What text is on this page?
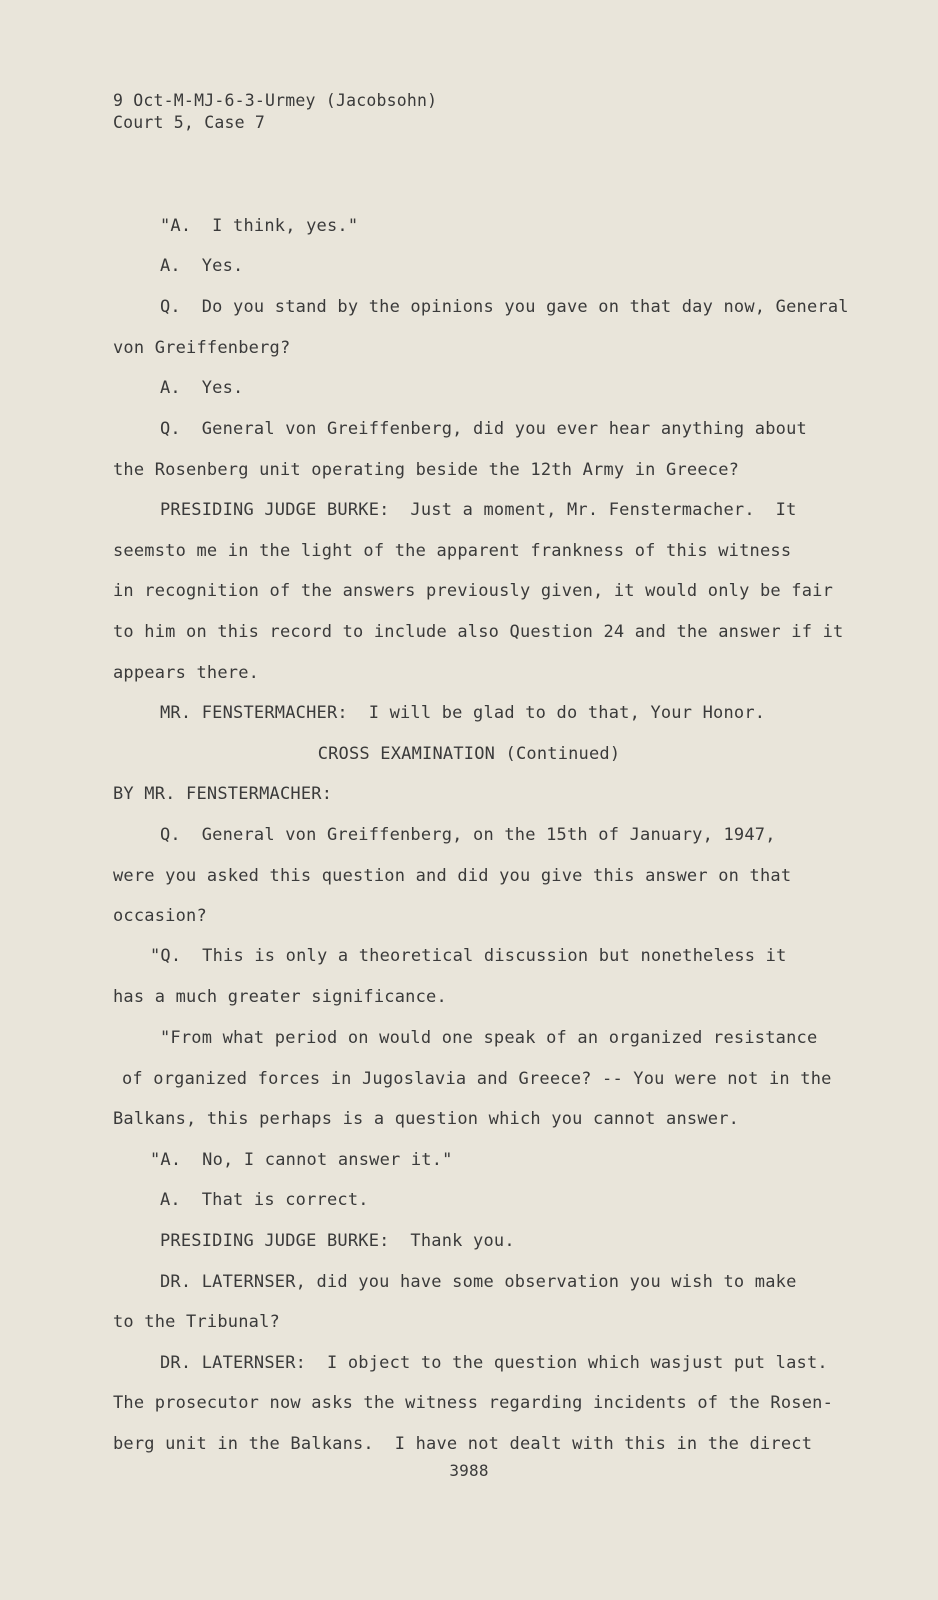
9 Oct-M-MJ-6-3-Urmey (Jacobsohn)
Court 5, Case 7
"A.  I think, yes."
A.  Yes.
Q.  Do you stand by the opinions you gave on that day now, General
von Greiffenberg?
A.  Yes.
Q.  General von Greiffenberg, did you ever hear anything about
the Rosenberg unit operating beside the 12th Army in Greece?
PRESIDING JUDGE BURKE:  Just a moment, Mr. Fenstermacher.  It
seemsto me in the light of the apparent frankness of this witness
in recognition of the answers previously given, it would only be fair
to him on this record to include also Question 24 and the answer if it
appears there.
MR. FENSTERMACHER:  I will be glad to do that, Your Honor.
CROSS EXAMINATION (Continued)
BY MR. FENSTERMACHER:
Q.  General von Greiffenberg, on the 15th of January, 1947,
were you asked this question and did you give this answer on that
occasion?
"Q.  This is only a theoretical discussion but nonetheless it
has a much greater significance.
"From what period on would one speak of an organized resistance
of organized forces in Jugoslavia and Greece? -- You were not in the
Balkans, this perhaps is a question which you cannot answer.
"A.  No, I cannot answer it."
A.  That is correct.
PRESIDING JUDGE BURKE:  Thank you.
DR. LATERNSER, did you have some observation you wish to make
to the Tribunal?
DR. LATERNSER:  I object to the question which wasjust put last.
The prosecutor now asks the witness regarding incidents of the Rosen-
berg unit in the Balkans.  I have not dealt with this in the direct
3988
